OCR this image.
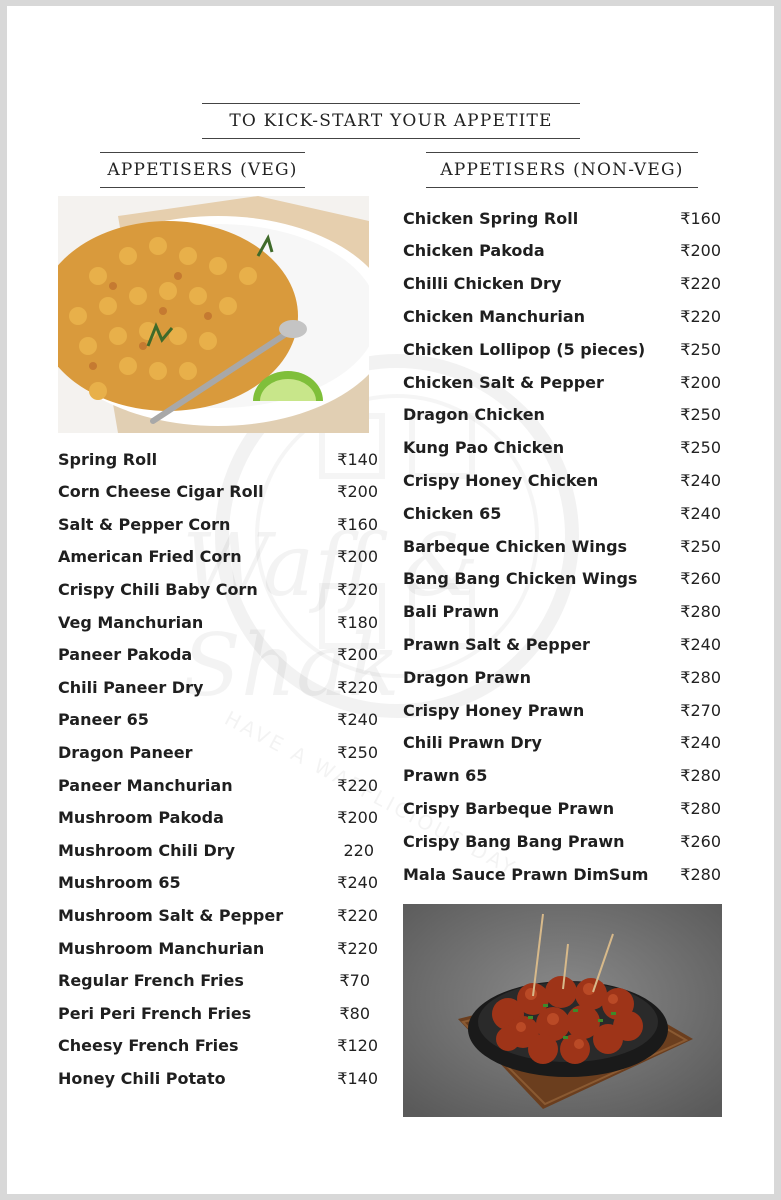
TO KICK-START YOUR APPETITE
APPETISERS (VEG)	APPETISERS (NON-VEG)
Spring Roll	₹140
Corn Cheese Cigar Roll	₹200
Salt & Pepper Corn	₹160
American Fried Corn	₹200
Crispy Chili Baby Corn	₹220
Veg Manchurian	₹180
Paneer Pakoda	₹200
Chili Paneer Dry	₹220
Paneer 65	₹240
Dragon Paneer	₹250
Paneer Manchurian	₹220
Mushroom Pakoda	₹200
Mushroom Chili Dry	220
Mushroom 65	₹240
Mushroom Salt & Pepper	₹220
Mushroom Manchurian	₹220
Regular French Fries	₹70
Peri Peri French Fries	₹80
Cheesy French Fries	₹120
Honey Chili Potato	₹140
Chicken Spring Roll	₹160
Chicken Pakoda	₹200
Chilli Chicken Dry	₹220
Chicken Manchurian	₹220
Chicken Lollipop (5 pieces) ₹250
Chicken Salt & Pepper	₹200
Dragon Chicken	₹250
Kung Pao Chicken	₹250
Crispy Honey Chicken	₹240
Chicken 65	₹240
Barbeque Chicken Wings	₹250
Bang Bang Chicken Wings	₹260
Bali Prawn	₹280
Prawn Salt & Pepper	₹240
Dragon Prawn	₹280
Crispy Honey Prawn	₹270
Chili Prawn Dry	₹240
Prawn 65	₹280
Crispy Barbeque Prawn	₹280
Crispy Bang Bang Prawn	₹260
Mala Sauce Prawn DimSum ₹280
